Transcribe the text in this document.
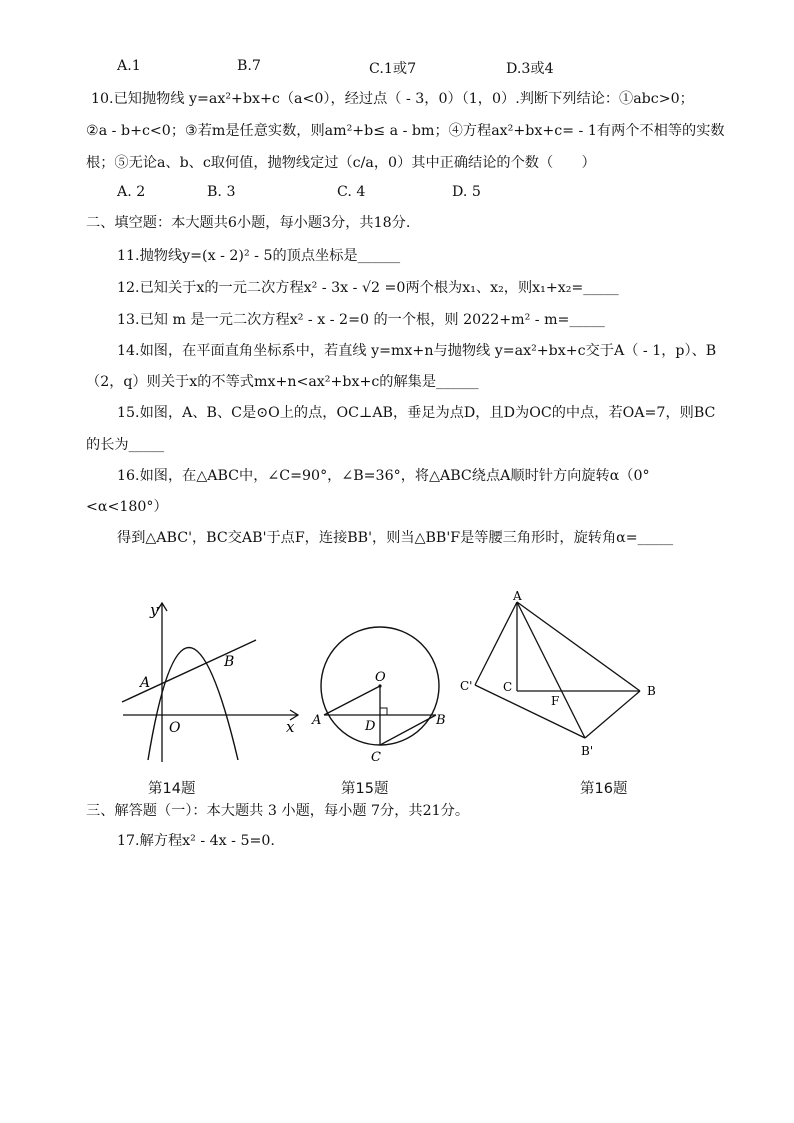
A.1	B.7	C.1或7	D.3或4
10.已知抛物线 y=ax²+bx+c（a<0），经过点（ - 3，0）（1，0）.判断下列结论：①abc>0；
②a - b+c<0；③若m是任意实数，则am²+b≤ a - bm；④方程ax²+bx+c= - 1有两个不相等的实数
根；⑤无论a、b、c取何值，抛物线定过（c/a，0）其中正确结论的个数（　　）
A. 2	B. 3	C. 4	D. 5
二、填空题：本大题共6小题，每小题3分，共18分.
11.抛物线y=(x - 2)² - 5的顶点坐标是______
12.已知关于x的一元二次方程x² - 3x - √2 =0两个根为x₁、x₂，则x₁+x₂=_____
13.已知 m 是一元二次方程x² - x - 2=0 的一个根，则 2022+m² - m=_____
14.如图，在平面直角坐标系中，若直线 y=mx+n与抛物线 y=ax²+bx+c交于A（ - 1，p）、B
（2，q）则关于x的不等式mx+n<ax²+bx+c的解集是______
15.如图，A、B、C是⊙O上的点，OC⊥AB，垂足为点D，且D为OC的中点，若OA=7，则BC
的长为_____
16.如图，在△ABC中，∠C=90°，∠B=36°，将△ABC绕点A顺时针方向旋转α（0°
<α<180°）
得到△ABC'，BC交AB'于点F，连接BB'，则当△BB'F是等腰三角形时，旋转角α=_____
y
x
A
B
O
第14题
O
A	B
D
C
第15题
A
C'	C
F
B
B'
第16题
三、解答题（一）：本大题共 3 小题，每小题 7分，共21分。
17.解方程x² - 4x - 5=0.
